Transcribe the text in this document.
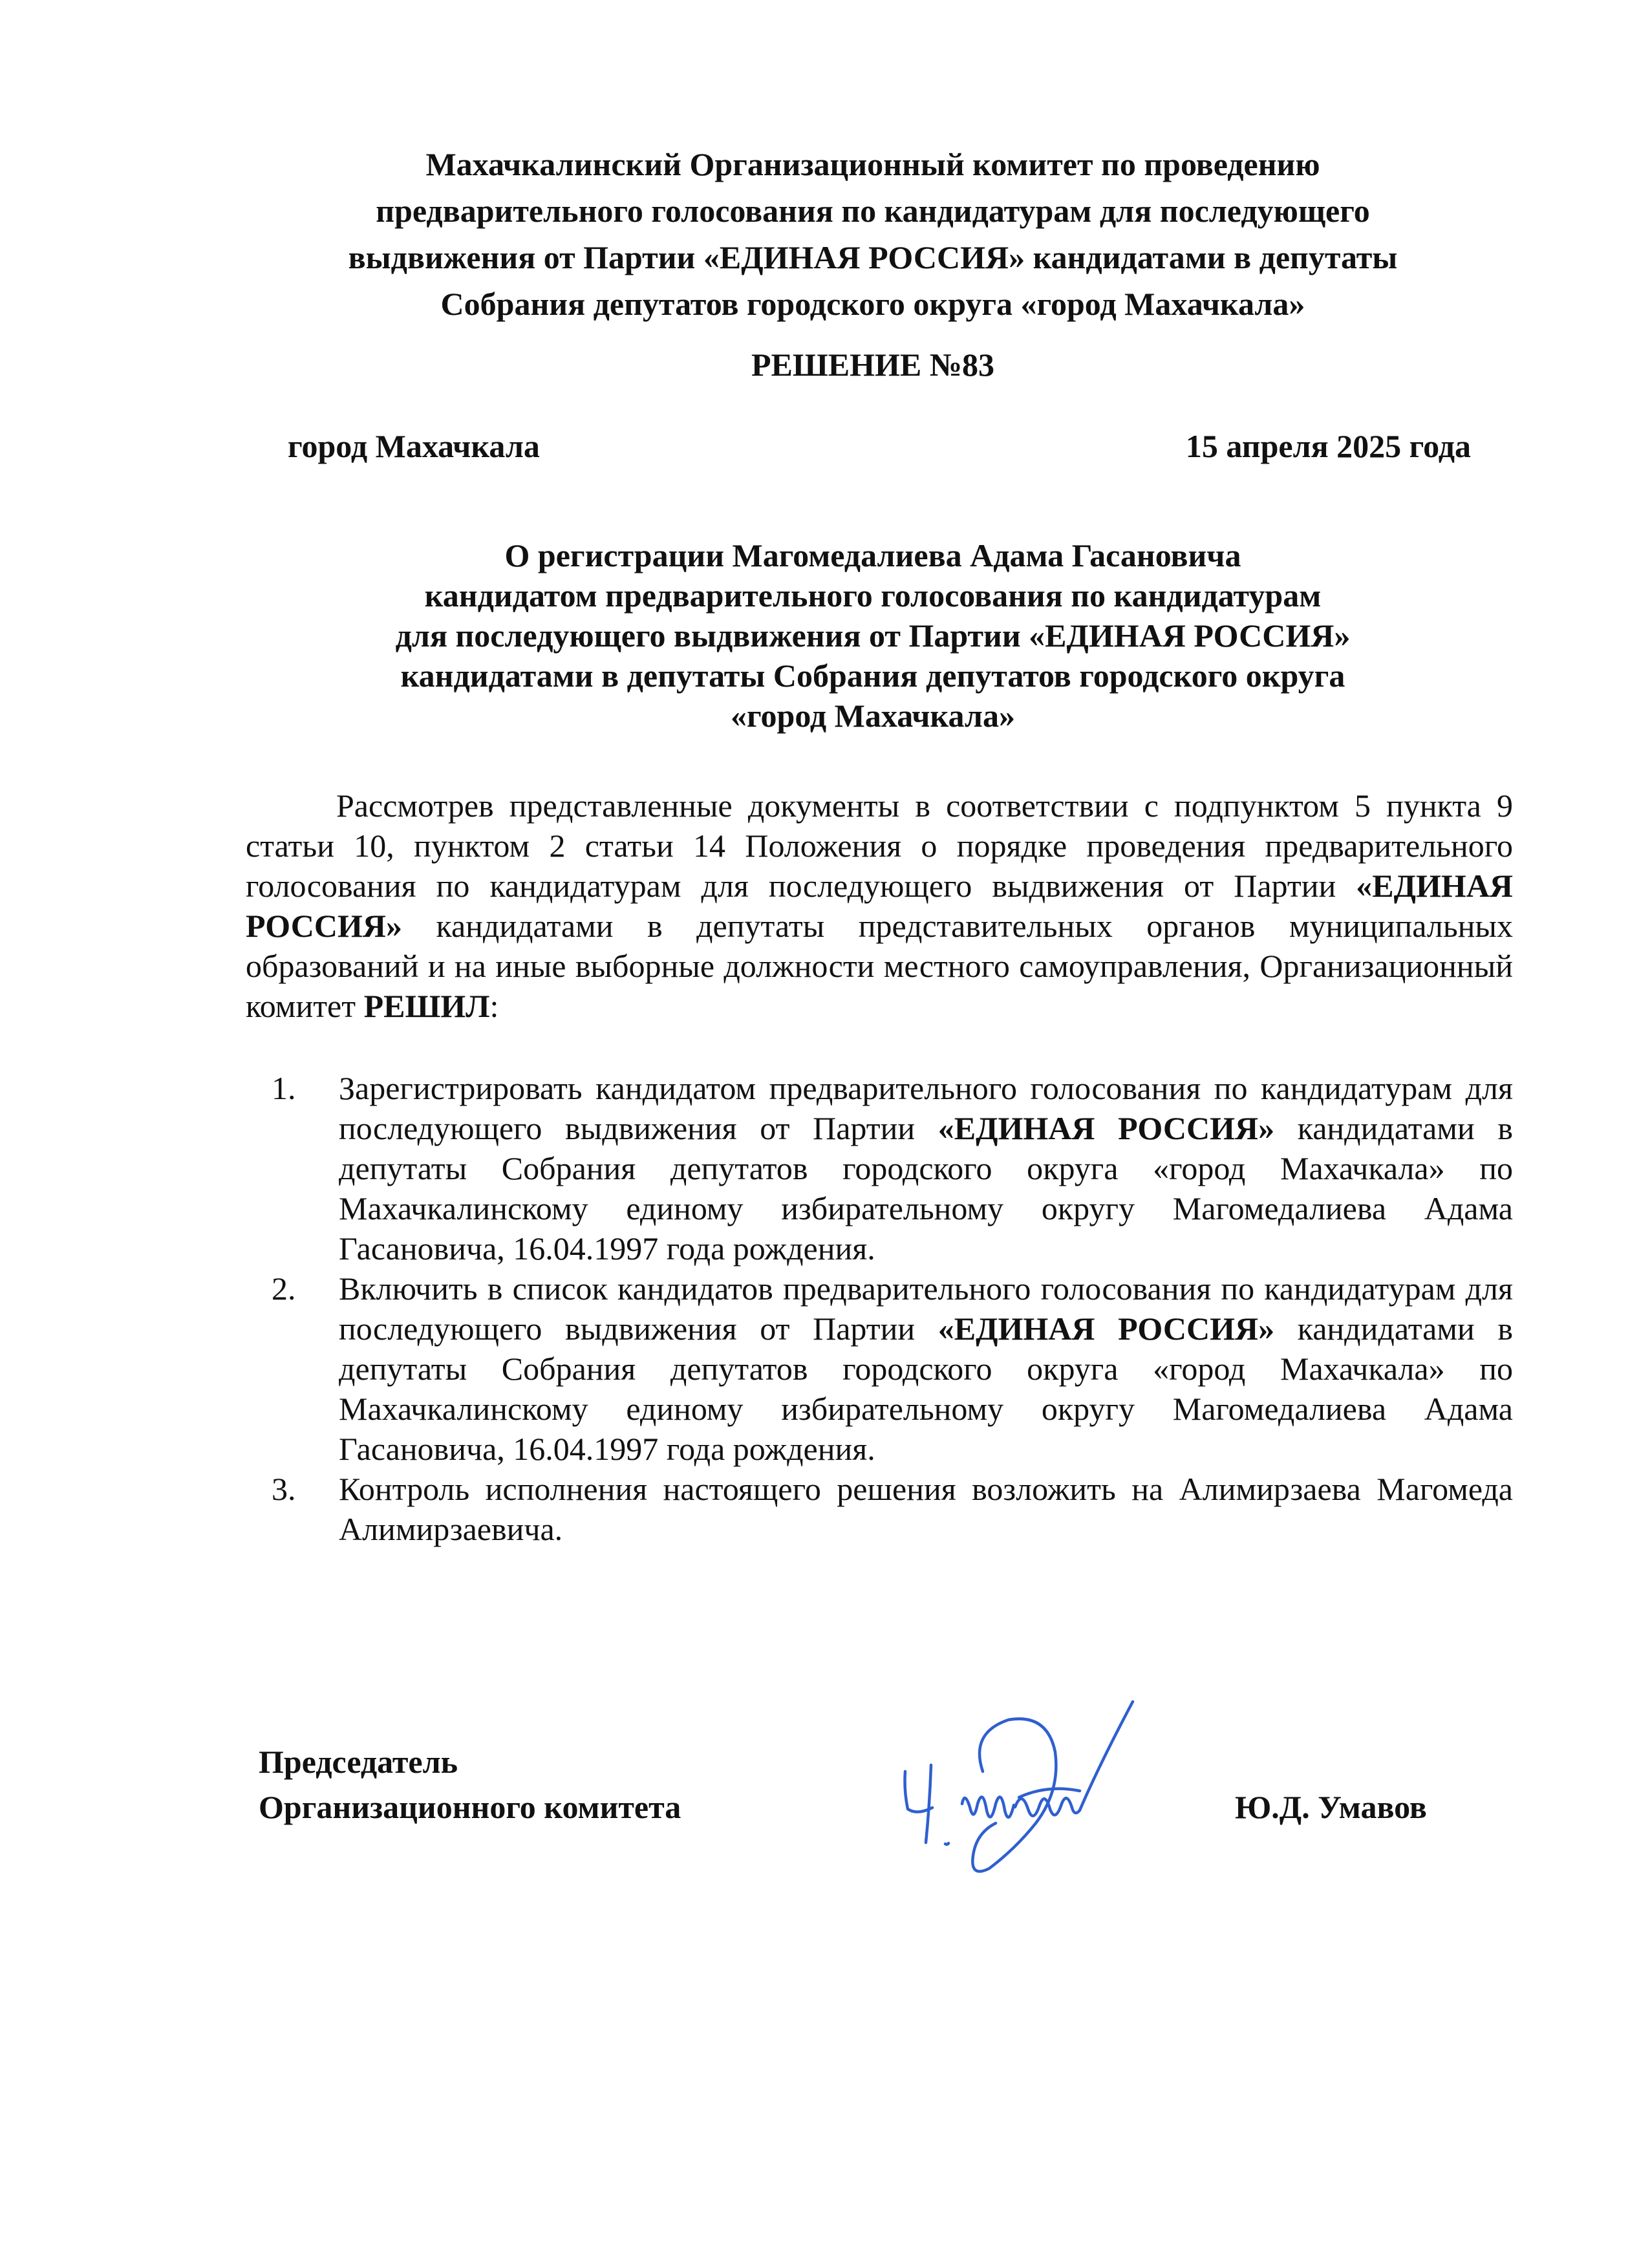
Махачкалинский Организационный комитет по проведению
предварительного голосования по кандидатурам для последующего
выдвижения от Партии «ЕДИНАЯ РОССИЯ» кандидатами в депутаты
Собрания депутатов городского округа «город Махачкала»
РЕШЕНИЕ №83
город Махачкала	15 апреля 2025 года
О регистрации Магомедалиева Адама Гасановича
кандидатом предварительного голосования по кандидатурам
для последующего выдвижения от Партии «ЕДИНАЯ РОССИЯ»
кандидатами в депутаты Собрания депутатов городского округа
«город Махачкала»

Рассмотрев представленные документы в соответствии с подпунктом 5 пункта 9 статьи 10, пунктом 2 статьи 14 Положения о порядке проведения предварительного голосования по кандидатурам для последующего выдвижения от Партии «ЕДИНАЯ РОССИЯ» кандидатами в депутаты представительных органов муниципальных образований и на иные выборные должности местного самоуправления, Организационный комитет РЕШИЛ:

1.	Зарегистрировать кандидатом предварительного голосования по кандидатурам для последующего выдвижения от Партии «ЕДИНАЯ РОССИЯ» кандидатами в депутаты Собрания депутатов городского округа «город Махачкала» по Махачкалинскому единому избирательному округу Магомедалиева Адама Гасановича, 16.04.1997 года рождения.
2.	Включить в список кандидатов предварительного голосования по кандидатурам для последующего выдвижения от Партии «ЕДИНАЯ РОССИЯ» кандидатами в депутаты Собрания депутатов городского округа «город Махачкала» по Махачкалинскому единому избирательному округу Магомедалиева Адама Гасановича, 16.04.1997 года рождения.
3.	Контроль исполнения настоящего решения возложить на Алимирзаева Магомеда Алимирзаевича.
Председатель
Организационного комитета	Ю.Д. Умавов
